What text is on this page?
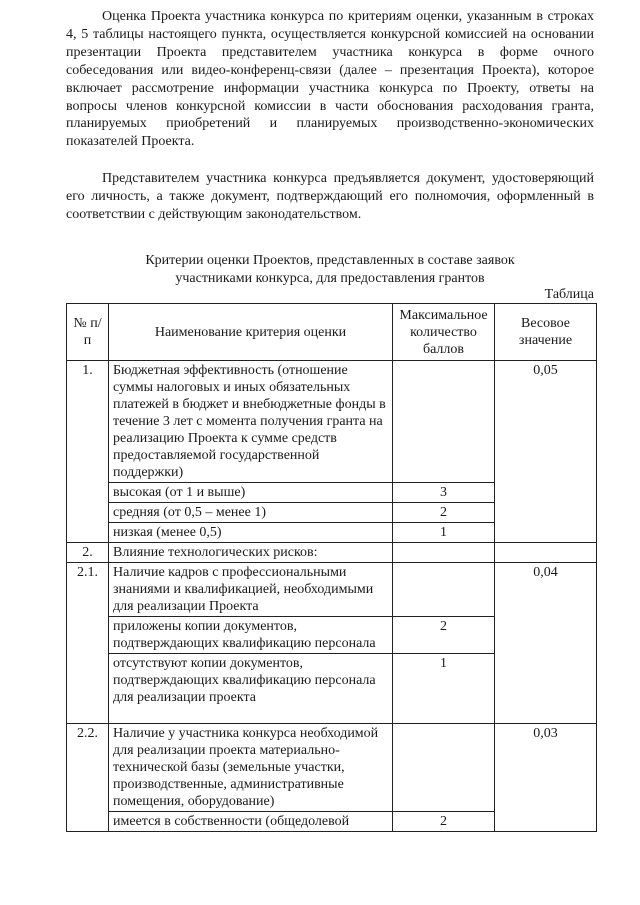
Оценка Проекта участника конкурса по критериям оценки, указанным в строках 4, 5 таблицы настоящего пункта, осуществляется конкурсной комиссией на основании презентации Проекта представителем участника конкурса в форме очного собеседования или видео-конференц-связи (далее – презентация Проекта), которое включает рассмотрение информации участника конкурса по Проекту, ответы на вопросы членов конкурсной комиссии в части обоснования расходования гранта, планируемых приобретений и планируемых производственно-экономических показателей Проекта.

Представителем участника конкурса предъявляется документ, удостоверяющий его личность, а также документ, подтверждающий его полномочия, оформленный в соответствии с действующим законодательством.

Критерии оценки Проектов, представленных в составе заявок
участниками конкурса, для предоставления грантов
Таблица
№ п/п	Наименование критерия оценки	Максимальное количество баллов	Весовое значение
1.	Бюджетная эффективность (отношение суммы налоговых и иных обязательных платежей в бюджет и внебюджетные фонды в течение 3 лет с момента получения гранта на реализацию Проекта к сумме средств предоставляемой государственной поддержки)		0,05
	высокая (от 1 и выше)	3	
	средняя (от 0,5 – менее 1)	2	
	низкая (менее 0,5)	1	
2.	Влияние технологических рисков:		
2.1.	Наличие кадров с профессиональными знаниями и квалификацией, необходимыми для реализации Проекта		0,04
	приложены копии документов, подтверждающих квалификацию персонала	2	
	отсутствуют копии документов, подтверждающих квалификацию персонала для реализации проекта	1	
2.2.	Наличие у участника конкурса необходимой для реализации проекта материально-технической базы (земельные участки, производственные, административные помещения, оборудование)		0,03
	имеется в собственности (общедолевой	2	
